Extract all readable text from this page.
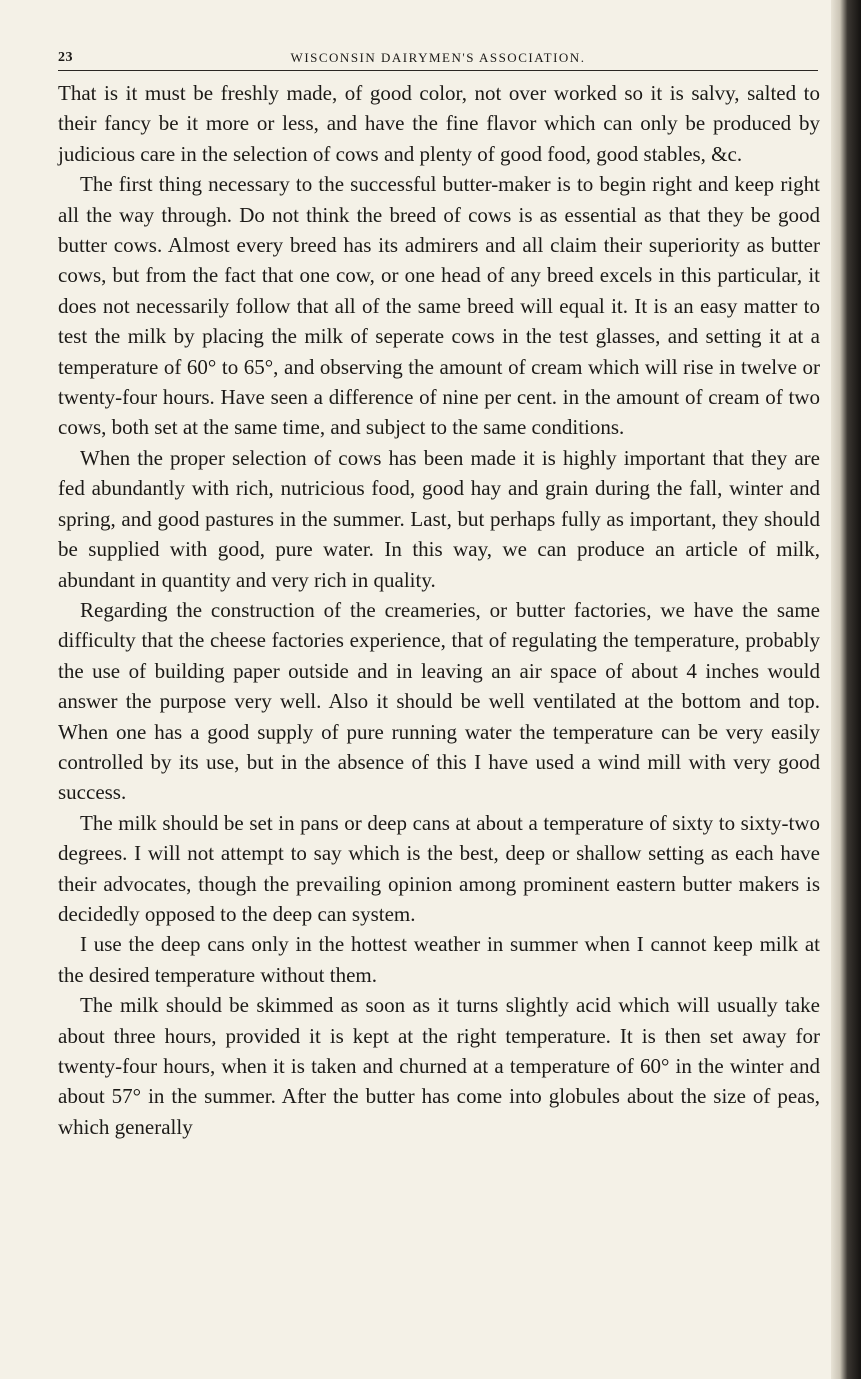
23	WISCONSIN DAIRYMEN'S ASSOCIATION.

That is it must be freshly made, of good color, not over worked so it is salvy, salted to their fancy be it more or less, and have the fine flavor which can only be produced by judicious care in the selection of cows and plenty of good food, good stables, &c.

The first thing necessary to the successful butter-maker is to begin right and keep right all the way through. Do not think the breed of cows is as essential as that they be good butter cows. Almost every breed has its admirers and all claim their superiority as butter cows, but from the fact that one cow, or one head of any breed excels in this particular, it does not necessarily follow that all of the same breed will equal it. It is an easy matter to test the milk by placing the milk of seperate cows in the test glasses, and setting it at a temperature of 60° to 65°, and observing the amount of cream which will rise in twelve or twenty-four hours. Have seen a difference of nine per cent. in the amount of cream of two cows, both set at the same time, and subject to the same conditions.

When the proper selection of cows has been made it is highly important that they are fed abundantly with rich, nutricious food, good hay and grain during the fall, winter and spring, and good pastures in the summer. Last, but perhaps fully as important, they should be supplied with good, pure water. In this way, we can produce an article of milk, abundant in quantity and very rich in quality.

Regarding the construction of the creameries, or butter factories, we have the same difficulty that the cheese factories experience, that of regulating the temperature, probably the use of building paper outside and in leaving an air space of about 4 inches would answer the purpose very well. Also it should be well ventilated at the bottom and top. When one has a good supply of pure running water the temperature can be very easily controlled by its use, but in the absence of this I have used a wind mill with very good success.

The milk should be set in pans or deep cans at about a temperature of sixty to sixty-two degrees. I will not attempt to say which is the best, deep or shallow setting as each have their advocates, though the prevailing opinion among prominent eastern butter makers is decidedly opposed to the deep can system.

I use the deep cans only in the hottest weather in summer when I cannot keep milk at the desired temperature without them.

The milk should be skimmed as soon as it turns slightly acid which will usually take about three hours, provided it is kept at the right temperature. It is then set away for twenty-four hours, when it is taken and churned at a temperature of 60° in the winter and about 57° in the summer. After the butter has come into globules about the size of peas, which generally
